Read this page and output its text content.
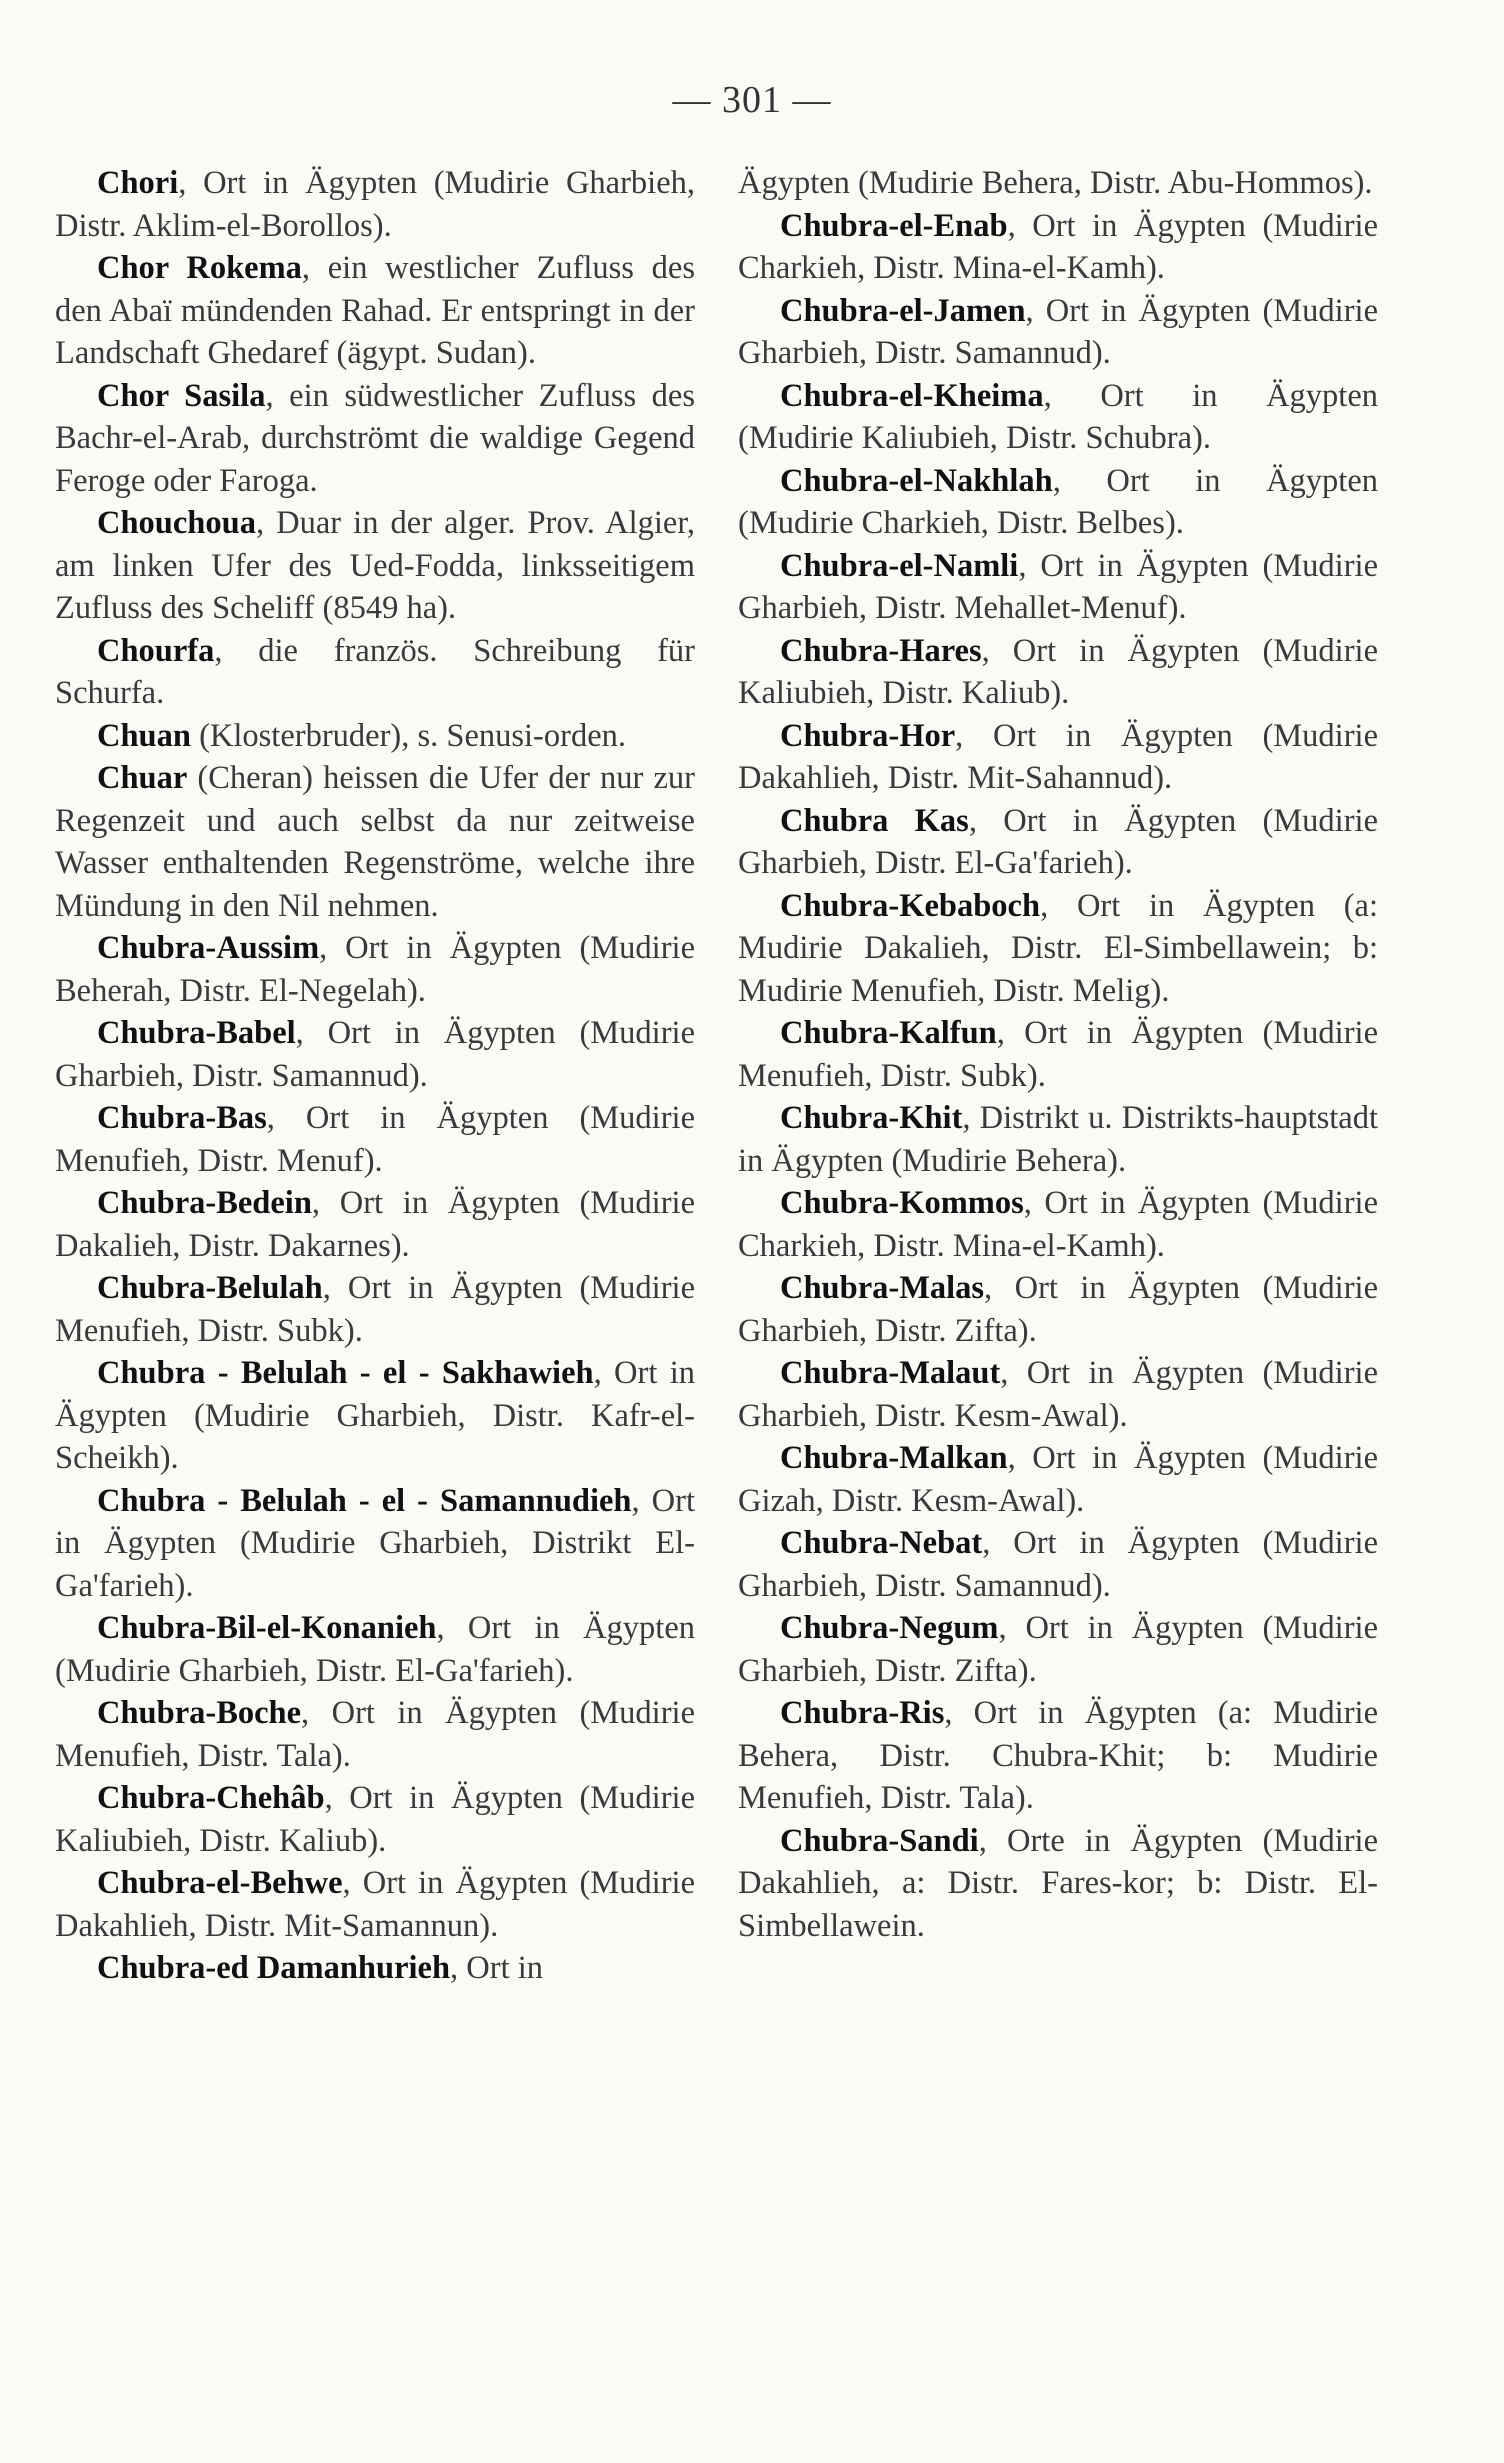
— 301 —

Chori, Ort in Ägypten (Mudirie Gharbieh, Distr. Aklim-el-Borollos).

Chor Rokema, ein westlicher Zufluss des den Abaï mündenden Rahad. Er entspringt in der Landschaft Ghedaref (ägypt. Sudan).

Chor Sasila, ein südwestlicher Zufluss des Bachr-el-Arab, durchströmt die waldige Gegend Feroge oder Faroga.

Chouchoua, Duar in der alger. Prov. Algier, am linken Ufer des Ued-Fodda, linksseitigem Zufluss des Scheliff (8549 ha).

Chourfa, die französ. Schreibung für Schurfa.

Chuan (Klosterbruder), s. Senusi-orden.

Chuar (Cheran) heissen die Ufer der nur zur Regenzeit und auch selbst da nur zeitweise Wasser enthaltenden Regenströme, welche ihre Mündung in den Nil nehmen.

Chubra-Aussim, Ort in Ägypten (Mudirie Beherah, Distr. El-Negelah).

Chubra-Babel, Ort in Ägypten (Mudirie Gharbieh, Distr. Samannud).

Chubra-Bas, Ort in Ägypten (Mudirie Menufieh, Distr. Menuf).

Chubra-Bedein, Ort in Ägypten (Mudirie Dakalieh, Distr. Dakarnes).

Chubra-Belulah, Ort in Ägypten (Mudirie Menufieh, Distr. Subk).

Chubra - Belulah - el - Sakhawieh, Ort in Ägypten (Mudirie Gharbieh, Distr. Kafr-el-Scheikh).

Chubra - Belulah - el - Samannudieh, Ort in Ägypten (Mudirie Gharbieh, Distrikt El-Ga'farieh).

Chubra-Bil-el-Konanieh, Ort in Ägypten (Mudirie Gharbieh, Distr. El-Ga'farieh).

Chubra-Boche, Ort in Ägypten (Mudirie Menufieh, Distr. Tala).

Chubra-Chehâb, Ort in Ägypten (Mudirie Kaliubieh, Distr. Kaliub).

Chubra-el-Behwe, Ort in Ägypten (Mudirie Dakahlieh, Distr. Mit-Samannun).

Chubra-ed Damanhurieh, Ort in

Ägypten (Mudirie Behera, Distr. Abu-Hommos).

Chubra-el-Enab, Ort in Ägypten (Mudirie Charkieh, Distr. Mina-el-Kamh).

Chubra-el-Jamen, Ort in Ägypten (Mudirie Gharbieh, Distr. Samannud).

Chubra-el-Kheima, Ort in Ägypten (Mudirie Kaliubieh, Distr. Schubra).

Chubra-el-Nakhlah, Ort in Ägypten (Mudirie Charkieh, Distr. Belbes).

Chubra-el-Namli, Ort in Ägypten (Mudirie Gharbieh, Distr. Mehallet-Menuf).

Chubra-Hares, Ort in Ägypten (Mudirie Kaliubieh, Distr. Kaliub).

Chubra-Hor, Ort in Ägypten (Mudirie Dakahlieh, Distr. Mit-Sahannud).

Chubra Kas, Ort in Ägypten (Mudirie Gharbieh, Distr. El-Ga'farieh).

Chubra-Kebaboch, Ort in Ägypten (a: Mudirie Dakalieh, Distr. El-Simbellawein; b: Mudirie Menufieh, Distr. Melig).

Chubra-Kalfun, Ort in Ägypten (Mudirie Menufieh, Distr. Subk).

Chubra-Khit, Distrikt u. Distrikts-hauptstadt in Ägypten (Mudirie Behera).

Chubra-Kommos, Ort in Ägypten (Mudirie Charkieh, Distr. Mina-el-Kamh).

Chubra-Malas, Ort in Ägypten (Mudirie Gharbieh, Distr. Zifta).

Chubra-Malaut, Ort in Ägypten (Mudirie Gharbieh, Distr. Kesm-Awal).

Chubra-Malkan, Ort in Ägypten (Mudirie Gizah, Distr. Kesm-Awal).

Chubra-Nebat, Ort in Ägypten (Mudirie Gharbieh, Distr. Samannud).

Chubra-Negum, Ort in Ägypten (Mudirie Gharbieh, Distr. Zifta).

Chubra-Ris, Ort in Ägypten (a: Mudirie Behera, Distr. Chubra-Khit; b: Mudirie Menufieh, Distr. Tala).

Chubra-Sandi, Orte in Ägypten (Mudirie Dakahlieh, a: Distr. Fares-kor; b: Distr. El-Simbellawein.
